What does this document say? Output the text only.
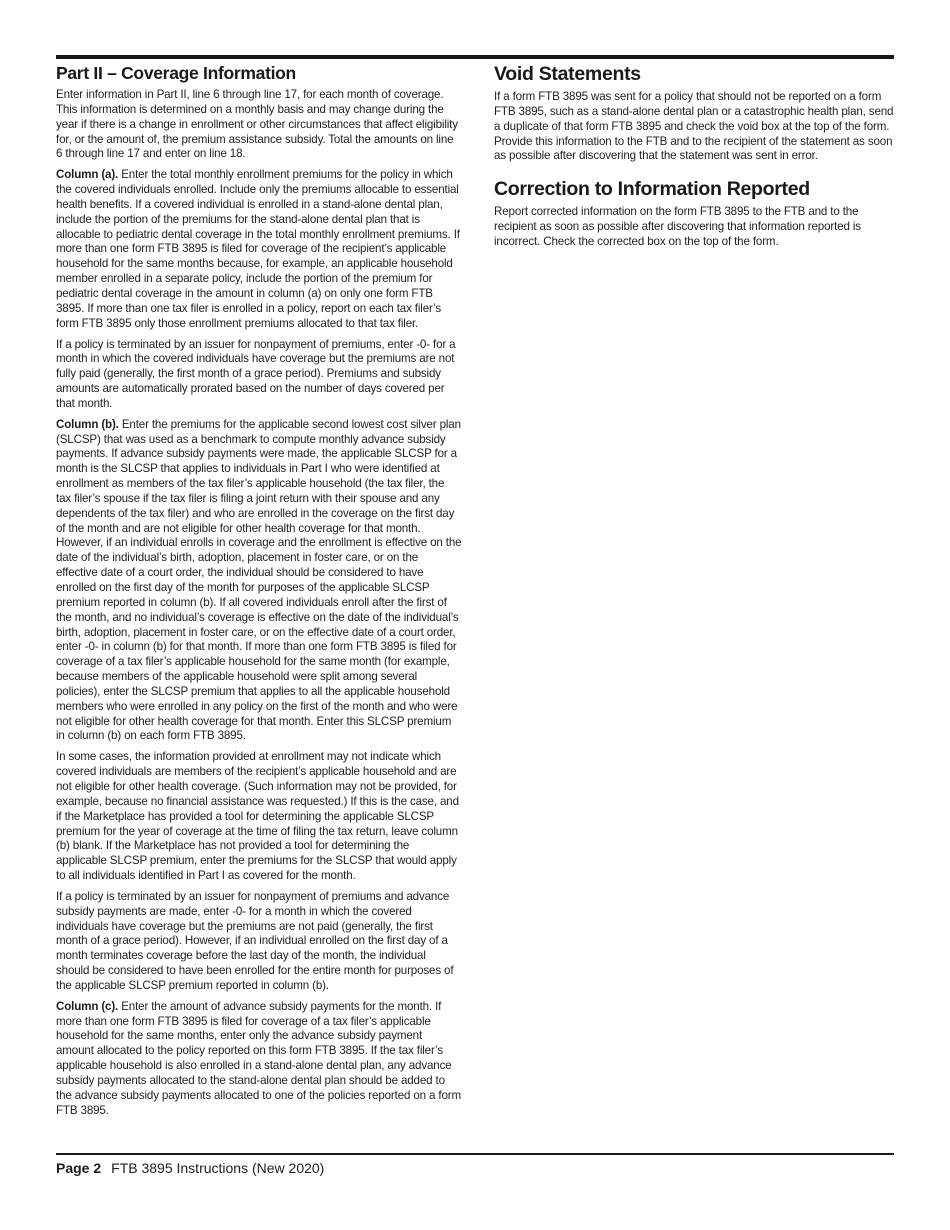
Part II – Coverage Information

Enter information in Part II, line 6 through line 17, for each month of coverage. This information is determined on a monthly basis and may change during the year if there is a change in enrollment or other circumstances that affect eligibility for, or the amount of, the premium assistance subsidy. Total the amounts on line 6 through line 17 and enter on line 18.

Column (a). Enter the total monthly enrollment premiums for the policy in which the covered individuals enrolled. Include only the premiums allocable to essential health benefits. If a covered individual is enrolled in a stand-alone dental plan, include the portion of the premiums for the stand-alone dental plan that is allocable to pediatric dental coverage in the total monthly enrollment premiums. If more than one form FTB 3895 is filed for coverage of the recipient’s applicable household for the same months because, for example, an applicable household member enrolled in a separate policy, include the portion of the premium for pediatric dental coverage in the amount in column (a) on only one form FTB 3895. If more than one tax filer is enrolled in a policy, report on each tax filer’s form FTB 3895 only those enrollment premiums allocated to that tax filer.

If a policy is terminated by an issuer for nonpayment of premiums, enter -0- for a month in which the covered individuals have coverage but the premiums are not fully paid (generally, the first month of a grace period). Premiums and subsidy amounts are automatically prorated based on the number of days covered per that month.

Column (b). Enter the premiums for the applicable second lowest cost silver plan (SLCSP) that was used as a benchmark to compute monthly advance subsidy payments. If advance subsidy payments were made, the applicable SLCSP for a month is the SLCSP that applies to individuals in Part I who were identified at enrollment as members of the tax filer’s applicable household (the tax filer, the tax filer’s spouse if the tax filer is filing a joint return with their spouse and any dependents of the tax filer) and who are enrolled in the coverage on the first day of the month and are not eligible for other health coverage for that month. However, if an individual enrolls in coverage and the enrollment is effective on the date of the individual’s birth, adoption, placement in foster care, or on the effective date of a court order, the individual should be considered to have enrolled on the first day of the month for purposes of the applicable SLCSP premium reported in column (b). If all covered individuals enroll after the first of the month, and no individual’s coverage is effective on the date of the individual’s birth, adoption, placement in foster care, or on the effective date of a court order, enter -0- in column (b) for that month. If more than one form FTB 3895 is filed for coverage of a tax filer’s applicable household for the same month (for example, because members of the applicable household were split among several policies), enter the SLCSP premium that applies to all the applicable household members who were enrolled in any policy on the first of the month and who were not eligible for other health coverage for that month. Enter this SLCSP premium in column (b) on each form FTB 3895.

In some cases, the information provided at enrollment may not indicate which covered individuals are members of the recipient’s applicable household and are not eligible for other health coverage. (Such information may not be provided, for example, because no financial assistance was requested.) If this is the case, and if the Marketplace has provided a tool for determining the applicable SLCSP premium for the year of coverage at the time of filing the tax return, leave column (b) blank. If the Marketplace has not provided a tool for determining the applicable SLCSP premium, enter the premiums for the SLCSP that would apply to all individuals identified in Part I as covered for the month.

If a policy is terminated by an issuer for nonpayment of premiums and advance subsidy payments are made, enter -0- for a month in which the covered individuals have coverage but the premiums are not paid (generally, the first month of a grace period). However, if an individual enrolled on the first day of a month terminates coverage before the last day of the month, the individual should be considered to have been enrolled for the entire month for purposes of the applicable SLCSP premium reported in column (b).

Column (c). Enter the amount of advance subsidy payments for the month. If more than one form FTB 3895 is filed for coverage of a tax filer’s applicable household for the same months, enter only the advance subsidy payment amount allocated to the policy reported on this form FTB 3895. If the tax filer’s applicable household is also enrolled in a stand-alone dental plan, any advance subsidy payments allocated to the stand-alone dental plan should be added to the advance subsidy payments allocated to one of the policies reported on a form FTB 3895.

Void Statements

If a form FTB 3895 was sent for a policy that should not be reported on a form FTB 3895, such as a stand-alone dental plan or a catastrophic health plan, send a duplicate of that form FTB 3895 and check the void box at the top of the form. Provide this information to the FTB and to the recipient of the statement as soon as possible after discovering that the statement was sent in error.

Correction to Information Reported

Report corrected information on the form FTB 3895 to the FTB and to the recipient as soon as possible after discovering that information reported is incorrect. Check the corrected box on the top of the form.

Page 2 FTB 3895 Instructions (New 2020)
